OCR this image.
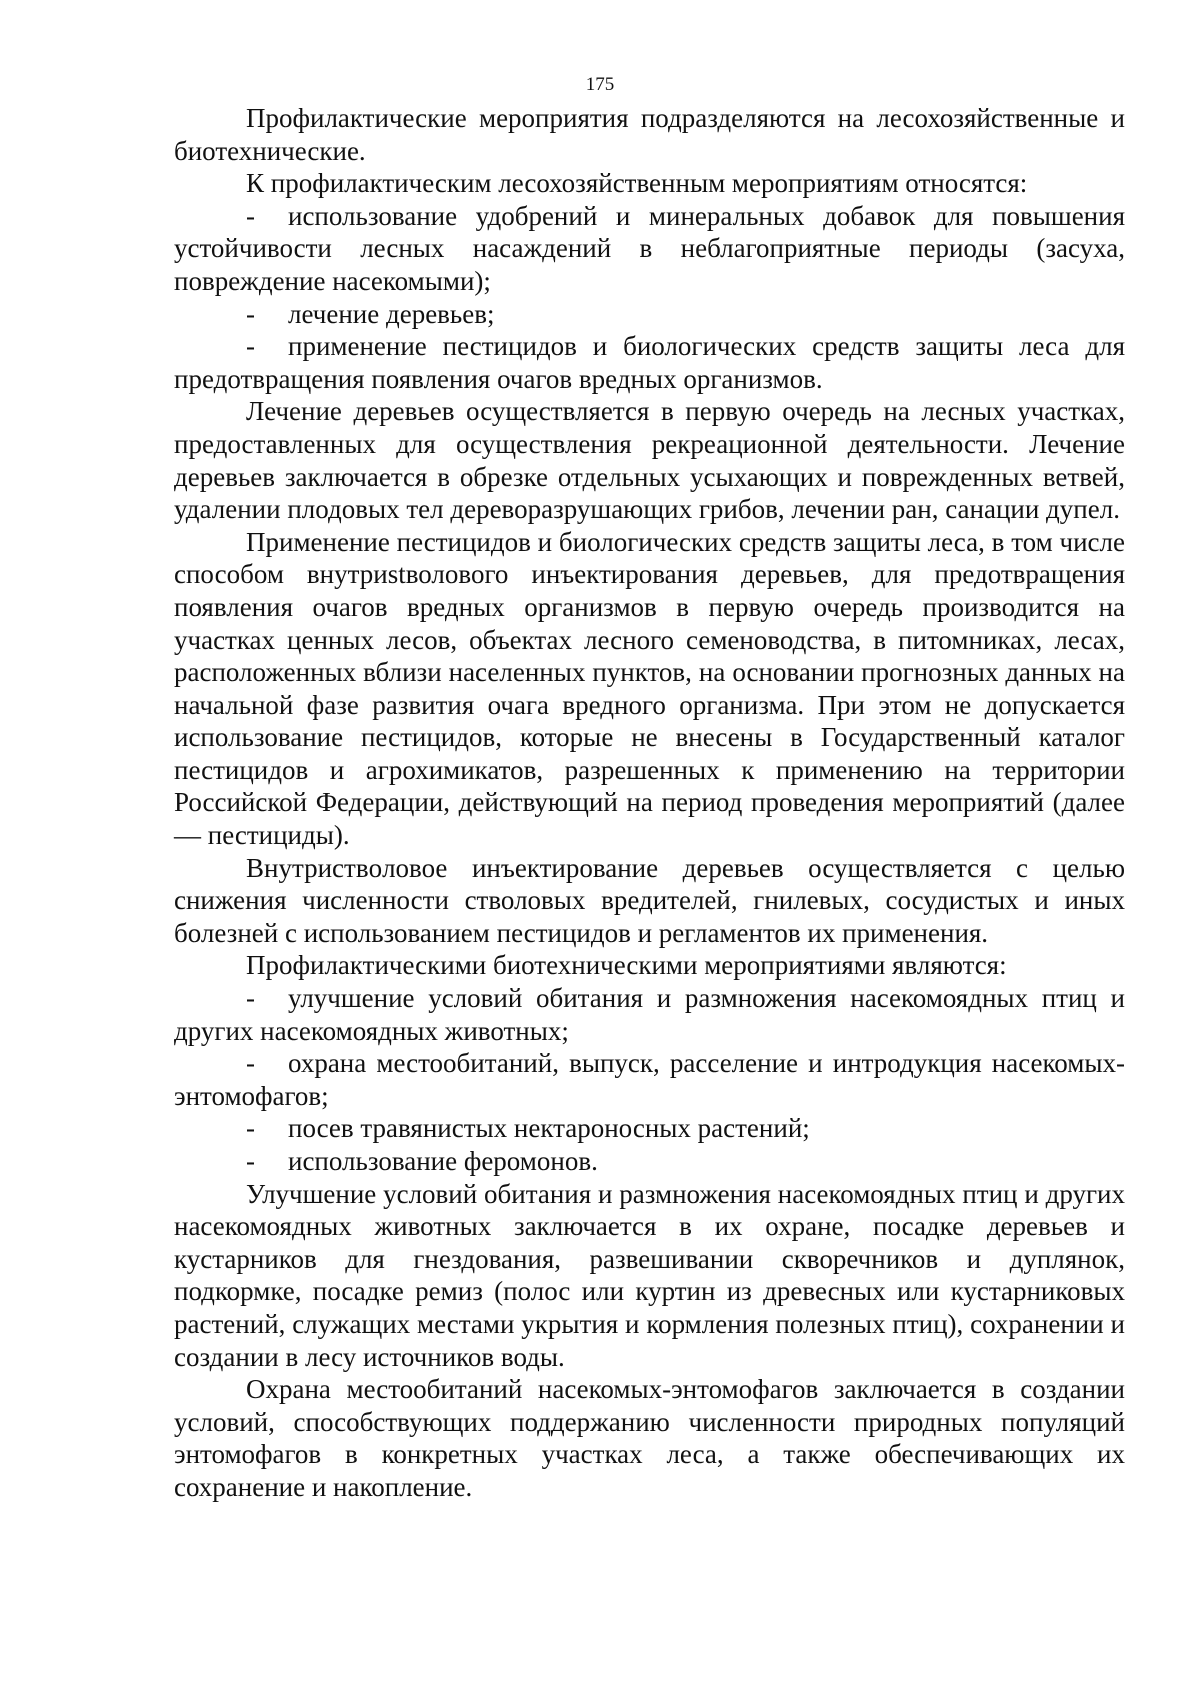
175

Профилактические мероприятия подразделяются на лесохозяйственные и биотехнические.

К профилактическим лесохозяйственным мероприятиям относятся:

- использование удобрений и минеральных добавок для повышения устойчивости лесных насаждений в неблагоприятные периоды (засуха, повреждение насекомыми);

- лечение деревьев;

- применение пестицидов и биологических средств защиты леса для предотвращения появления очагов вредных организмов.

Лечение деревьев осуществляется в первую очередь на лесных участках, предоставленных для осуществления рекреационной деятельности. Лечение деревьев заключается в обрезке отдельных усыхающих и поврежденных ветвей, удалении плодовых тел дереворазрушающих грибов, лечении ран, санации дупел.

Применение пестицидов и биологических средств защиты леса, в том числе способом внутриstволового инъектирования деревьев, для предотвращения появления очагов вредных организмов в первую очередь производится на участках ценных лесов, объектах лесного семеноводства, в питомниках, лесах, расположенных вблизи населенных пунктов, на основании прогнозных данных на начальной фазе развития очага вредного организма. При этом не допускается использование пестицидов, которые не внесены в Государственный каталог пестицидов и агрохимикатов, разрешенных к применению на территории Российской Федерации, действующий на период проведения мероприятий (далее — пестициды).

Внутриствoловое инъектирование деревьев осуществляется с целью снижения численности стволовых вредителей, гнилевых, сосудистых и иных болезней с использованием пестицидов и регламентов их применения.

Профилактическими биотехническими мероприятиями являются:

- улучшение условий обитания и размножения насекомоядных птиц и других насекомоядных животных;

- охрана местообитаний, выпуск, расселение и интродукция насекомых-энтомофагов;

- посев травянистых нектароносных растений;

- использование феромонов.

Улучшение условий обитания и размножения насекомоядных птиц и других насекомоядных животных заключается в их охране, посадке деревьев и кустарников для гнездования, развешивании скворечников и дуплянок, подкормке, посадке ремиз (полос или куртин из древесных или кустарниковых растений, служащих местами укрытия и кормления полезных птиц), сохранении и создании в лесу источников воды.

Охрана местообитаний насекомых-энтомофагов заключается в создании условий, способствующих поддержанию численности природных популяций энтомофагов в конкретных участках леса, а также обеспечивающих их сохранение и накопление.
